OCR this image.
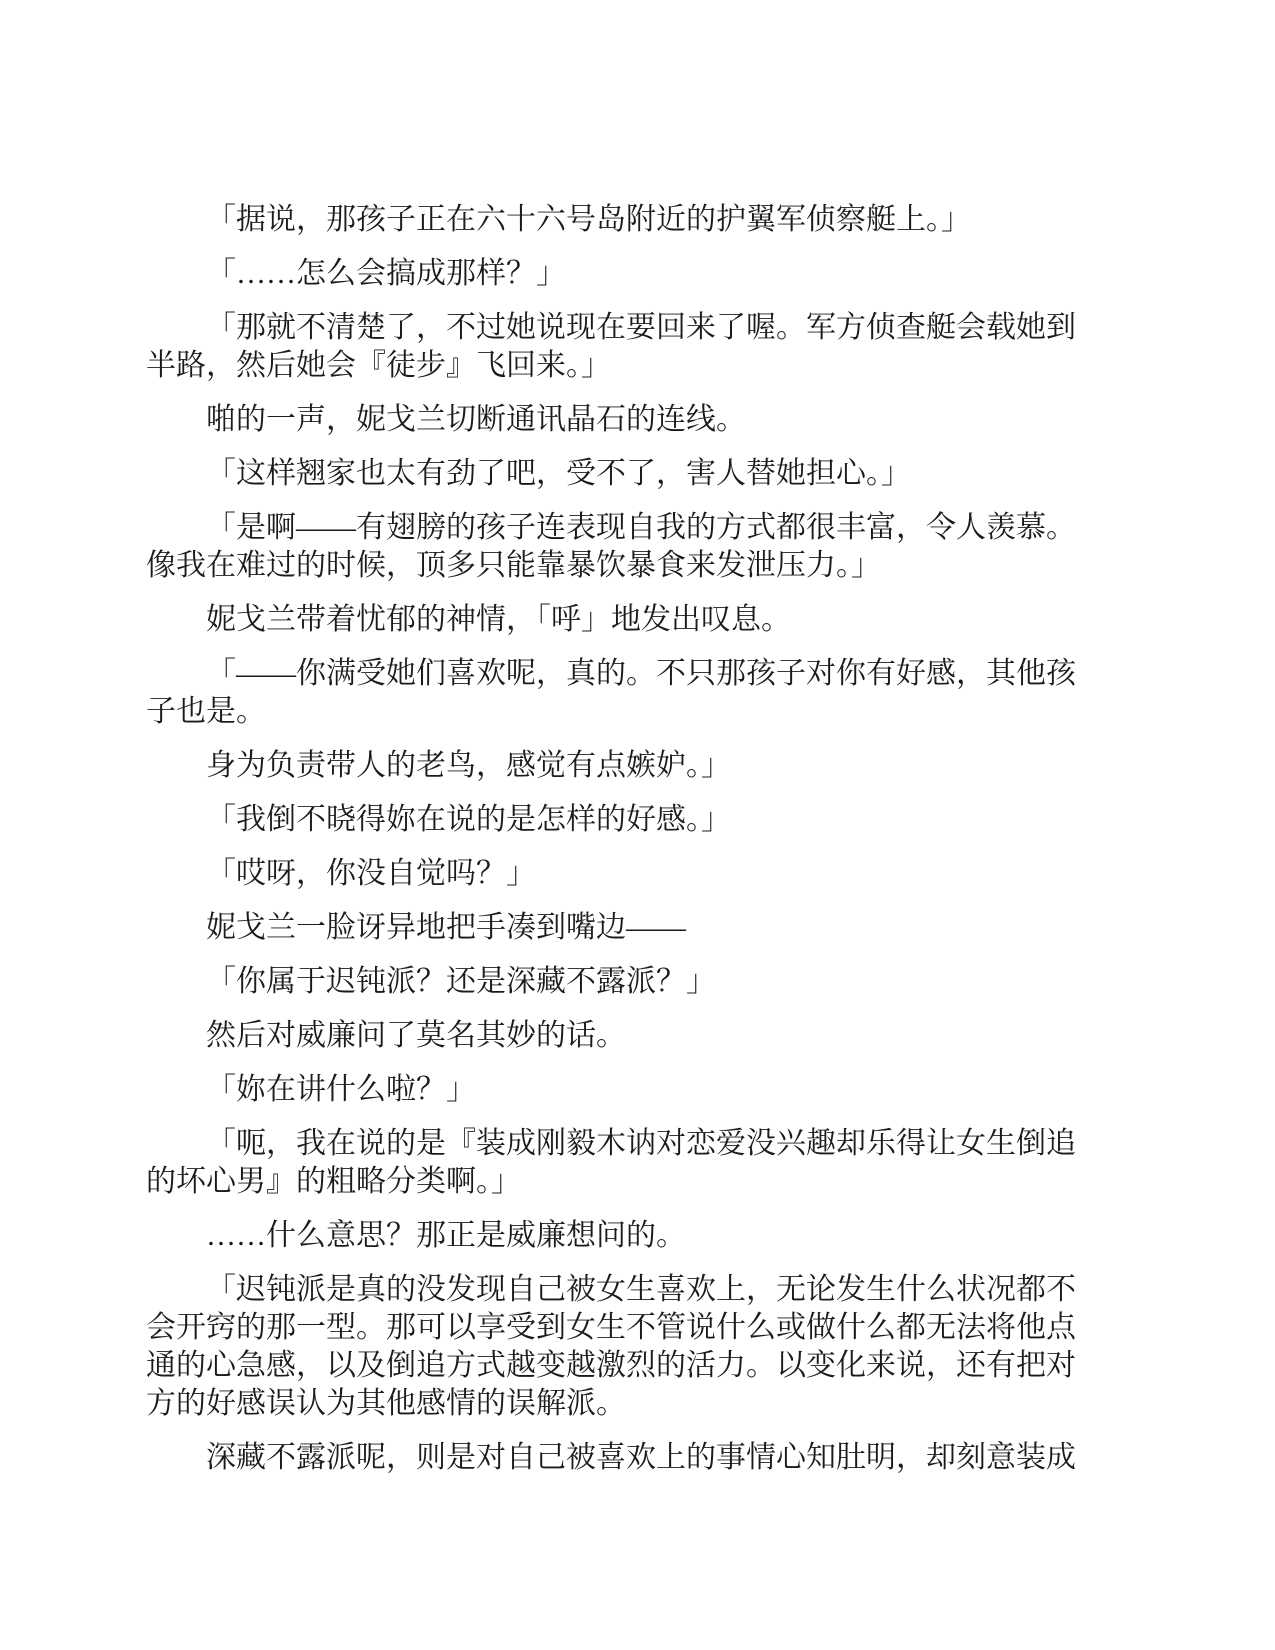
「据说，那孩子正在六十六号岛附近的护翼军侦察艇上。」

「……怎么会搞成那样？」

「那就不清楚了，不过她说现在要回来了喔。军方侦查艇会载她到半路，然后她会『徒步』飞回来。」

啪的一声，妮戈兰切断通讯晶石的连线。

「这样翘家也太有劲了吧，受不了，害人替她担心。」

「是啊——有翅膀的孩子连表现自我的方式都很丰富，令人羡慕。像我在难过的时候，顶多只能靠暴饮暴食来发泄压力。」

妮戈兰带着忧郁的神情，「呼」地发出叹息。

「——你满受她们喜欢呢，真的。不只那孩子对你有好感，其他孩子也是。

身为负责带人的老鸟，感觉有点嫉妒。」

「我倒不晓得妳在说的是怎样的好感。」

「哎呀，你没自觉吗？」

妮戈兰一脸讶异地把手凑到嘴边——

「你属于迟钝派？还是深藏不露派？」

然后对威廉问了莫名其妙的话。

「妳在讲什么啦？」

「呃，我在说的是『装成刚毅木讷对恋爱没兴趣却乐得让女生倒追的坏心男』的粗略分类啊。」

……什么意思？那正是威廉想问的。

「迟钝派是真的没发现自己被女生喜欢上，无论发生什么状况都不会开窍的那一型。那可以享受到女生不管说什么或做什么都无法将他点通的心急感，以及倒追方式越变越激烈的活力。以变化来说，还有把对方的好感误认为其他感情的误解派。

深藏不露派呢，则是对自己被喜欢上的事情心知肚明，却刻意装成
